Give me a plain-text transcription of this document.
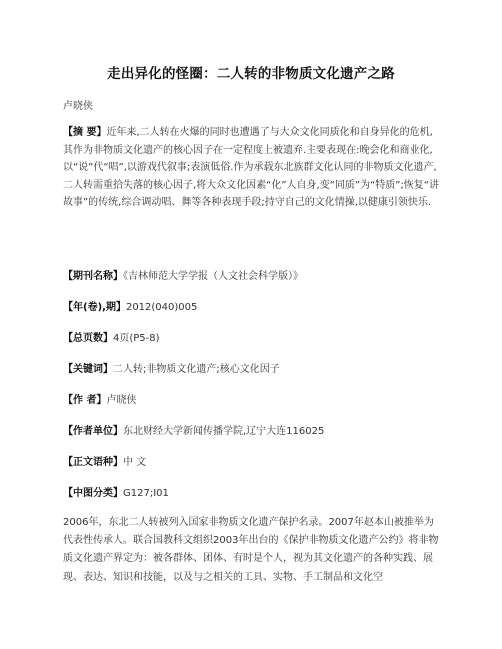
走出异化的怪圈：二人转的非物质文化遗产之路
卢晓侠
【摘 要】近年来,二人转在火爆的同时也遭遇了与大众文化同质化和自身异化的危机,其作为非物质文化遗产的核心因子在一定程度上被遗弃.主要表现在:晚会化和商业化,以“说”代“唱”,以游戏代叙事;表演低俗.作为承载东北族群文化认同的非物质文化遗产,二人转需重拾失落的核心因子,将大众文化因素“化”人自身,变“同质”为“特质”;恢复“讲故事”的传统,综合调动唱、舞等各种表现手段;持守自己的文化情操,以健康引领快乐.
【期刊名称】《吉林师范大学学报（人文社会科学版）》
【年(卷),期】2012(040)005
【总页数】4页(P5-8)
【关键词】二人转;非物质文化遗产;核心文化因子
【作 者】卢晓侠
【作者单位】东北财经大学新闻传播学院,辽宁大连116025
【正文语种】中 文
【中图分类】G127;I01
2006年，东北二人转被列入国家非物质文化遗产保护名录。2007年赵本山被推举为代表性传承人。联合国教科文组织2003年出台的《保护非物质文化遗产公约》将非物质文化遗产界定为：被各群体、团体、有时是个人，视为其文化遗产的各种实践、展现、表达、知识和技能，以及与之相关的工具、实物、手工制品和文化空
